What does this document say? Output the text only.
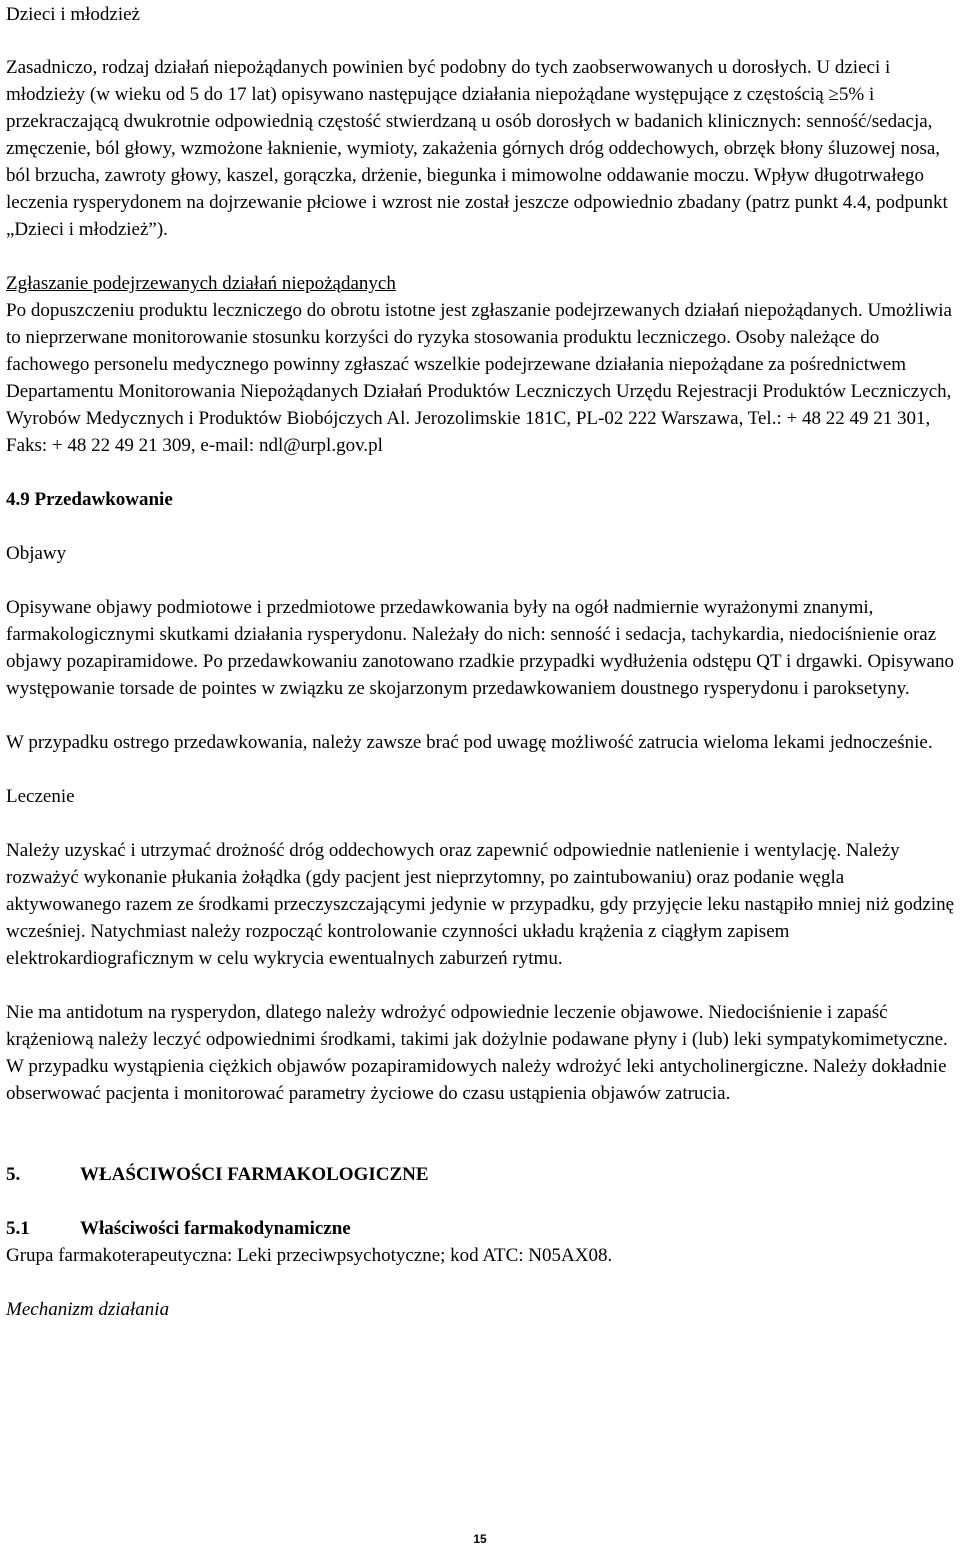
Dzieci i młodzież

Zasadniczo, rodzaj działań niepożądanych powinien być podobny do tych zaobserwowanych u dorosłych. U dzieci i młodzieży (w wieku od 5 do 17 lat) opisywano następujące działania niepożądane występujące z częstością ≥5% i przekraczającą dwukrotnie odpowiednią częstość stwierdzaną u osób dorosłych w badanich klinicznych: senność/sedacja, zmęczenie, ból głowy, wzmożone łaknienie, wymioty, zakażenia górnych dróg oddechowych, obrzęk błony śluzowej nosa, ból brzucha, zawroty głowy, kaszel, gorączka, drżenie, biegunka i mimowolne oddawanie moczu. Wpływ długotrwałego leczenia rysperydonem na dojrzewanie płciowe i wzrost nie został jeszcze odpowiednio zbadany (patrz punkt 4.4, podpunkt „Dzieci i młodzież”).

Zgłaszanie podejrzewanych działań niepożądanych

Po dopuszczeniu produktu leczniczego do obrotu istotne jest zgłaszanie podejrzewanych działań niepożądanych. Umożliwia to nieprzerwane monitorowanie stosunku korzyści do ryzyka stosowania produktu leczniczego. Osoby należące do fachowego personelu medycznego powinny zgłaszać wszelkie podejrzewane działania niepożądane za pośrednictwem Departamentu Monitorowania Niepożądanych Działań Produktów Leczniczych Urzędu Rejestracji Produktów Leczniczych, Wyrobów Medycznych i Produktów Biobójczych Al. Jerozolimskie 181C, PL-02 222 Warszawa, Tel.: + 48 22 49 21 301, Faks: + 48 22 49 21 309, e-mail: ndl@urpl.gov.pl

4.9 Przedawkowanie

Objawy

Opisywane objawy podmiotowe i przedmiotowe przedawkowania były na ogół nadmiernie wyrażonymi znanymi, farmakologicznymi skutkami działania rysperydonu. Należały do nich: senność i sedacja, tachykardia, niedociśnienie oraz objawy pozapiramidowe. Po przedawkowaniu zanotowano rzadkie przypadki wydłużenia odstępu QT i drgawki. Opisywano występowanie torsade de pointes w związku ze skojarzonym przedawkowaniem doustnego rysperydonu i paroksetyny.

W przypadku ostrego przedawkowania, należy zawsze brać pod uwagę możliwość zatrucia wieloma lekami jednocześnie.

Leczenie

Należy uzyskać i utrzymać drożność dróg oddechowych oraz zapewnić odpowiednie natlenienie i wentylację. Należy rozważyć wykonanie płukania żołądka (gdy pacjent jest nieprzytomny, po zaintubowaniu) oraz podanie węgla aktywowanego razem ze środkami przeczyszczającymi jedynie w przypadku, gdy przyjęcie leku nastąpiło mniej niż godzinę wcześniej. Natychmiast należy rozpocząć kontrolowanie czynności układu krążenia z ciągłym zapisem elektrokardiograficznym w celu wykrycia ewentualnych zaburzeń rytmu.

Nie ma antidotum na rysperydon, dlatego należy wdrożyć odpowiednie leczenie objawowe. Niedociśnienie i zapaść krążeniową należy leczyć odpowiednimi środkami, takimi jak dożylnie podawane płyny i (lub) leki sympatykomimetyczne. W przypadku wystąpienia ciężkich objawów pozapiramidowych należy wdrożyć leki antycholinergiczne. Należy dokładnie obserwować pacjenta i monitorować parametry życiowe do czasu ustąpienia objawów zatrucia.

5.	WŁAŚCIWOŚCI FARMAKOLOGICZNE

5.1	Właściwości farmakodynamiczne

Grupa farmakoterapeutyczna: Leki przeciwpsychotyczne; kod ATC: N05AX08.

Mechanizm działania

15
